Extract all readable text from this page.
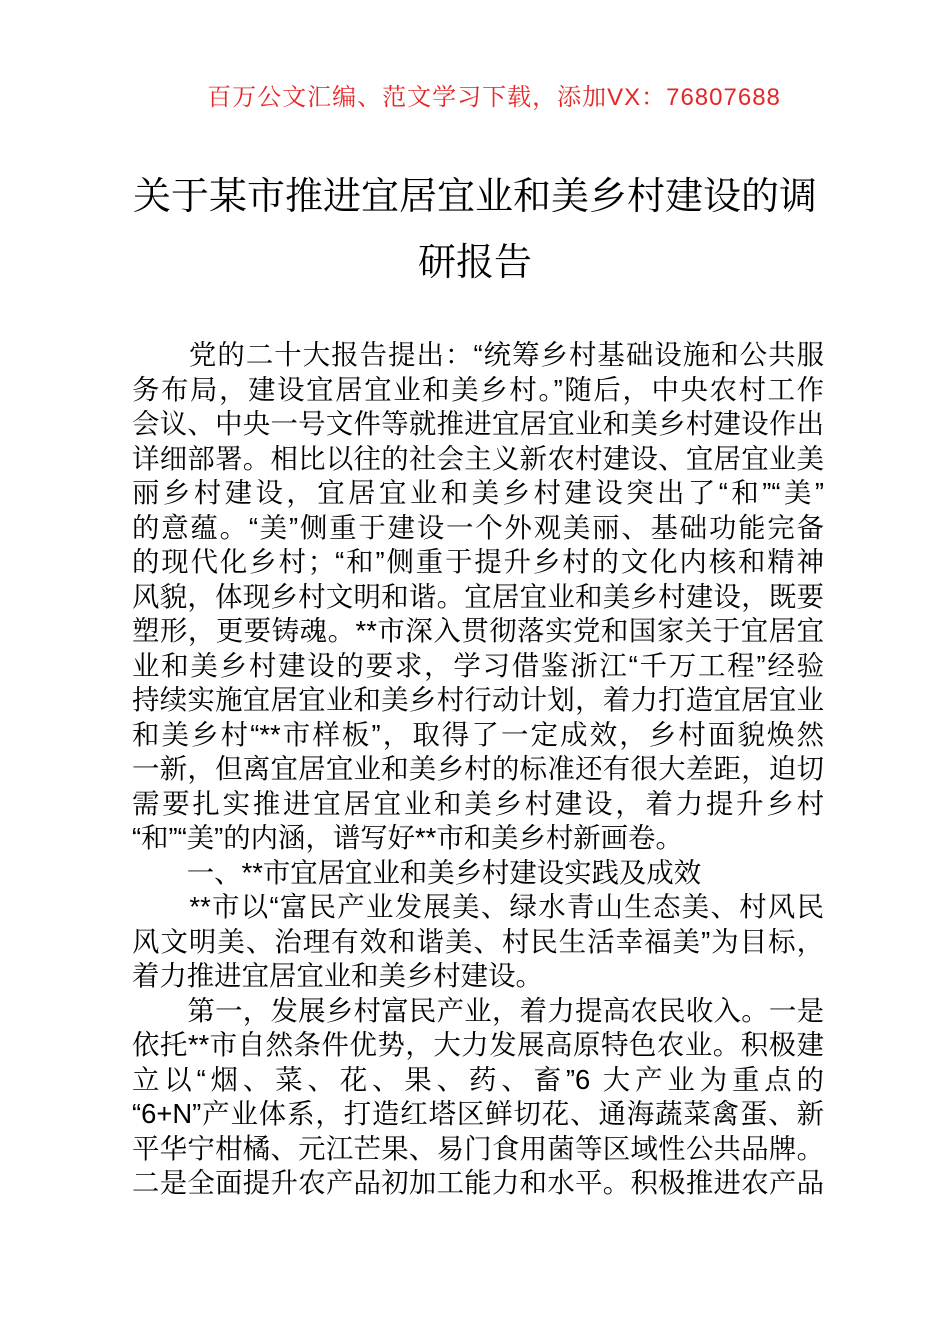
百万公文汇编、范文学习下载，添加VX：76807688
关于某市推进宜居宜业和美乡村建设的调
研报告
　　党的二十大报告提出：“统筹乡村基础设施和公共服
务布局，建设宜居宜业和美乡村。”随后，中央农村工作
会议、中央一号文件等就推进宜居宜业和美乡村建设作出
详细部署。相比以往的社会主义新农村建设、宜居宜业美
丽乡村建设，宜居宜业和美乡村建设突出了“和”“美”
的意蕴。“美”侧重于建设一个外观美丽、基础功能完备
的现代化乡村；“和”侧重于提升乡村的文化内核和精神
风貌，体现乡村文明和谐。宜居宜业和美乡村建设，既要
塑形，更要铸魂。**市深入贯彻落实党和国家关于宜居宜
业和美乡村建设的要求，学习借鉴浙江“千万工程”经验
持续实施宜居宜业和美乡村行动计划，着力打造宜居宜业
和美乡村“**市样板”，取得了一定成效，乡村面貌焕然
一新，但离宜居宜业和美乡村的标准还有很大差距，迫切
需要扎实推进宜居宜业和美乡村建设，着力提升乡村
“和”“美”的内涵，谱写好**市和美乡村新画卷。
　　一、**市宜居宜业和美乡村建设实践及成效
　　**市以“富民产业发展美、绿水青山生态美、村风民
风文明美、治理有效和谐美、村民生活幸福美”为目标，
着力推进宜居宜业和美乡村建设。
　　第一，发展乡村富民产业，着力提高农民收入。一是
依托**市自然条件优势，大力发展高原特色农业。积极建
立以“烟、菜、花、果、药、畜”6 大产业为重点的
“6+N”产业体系，打造红塔区鲜切花、通海蔬菜禽蛋、新
平华宁柑橘、元江芒果、易门食用菌等区域性公共品牌。
二是全面提升农产品初加工能力和水平。积极推进农产品
